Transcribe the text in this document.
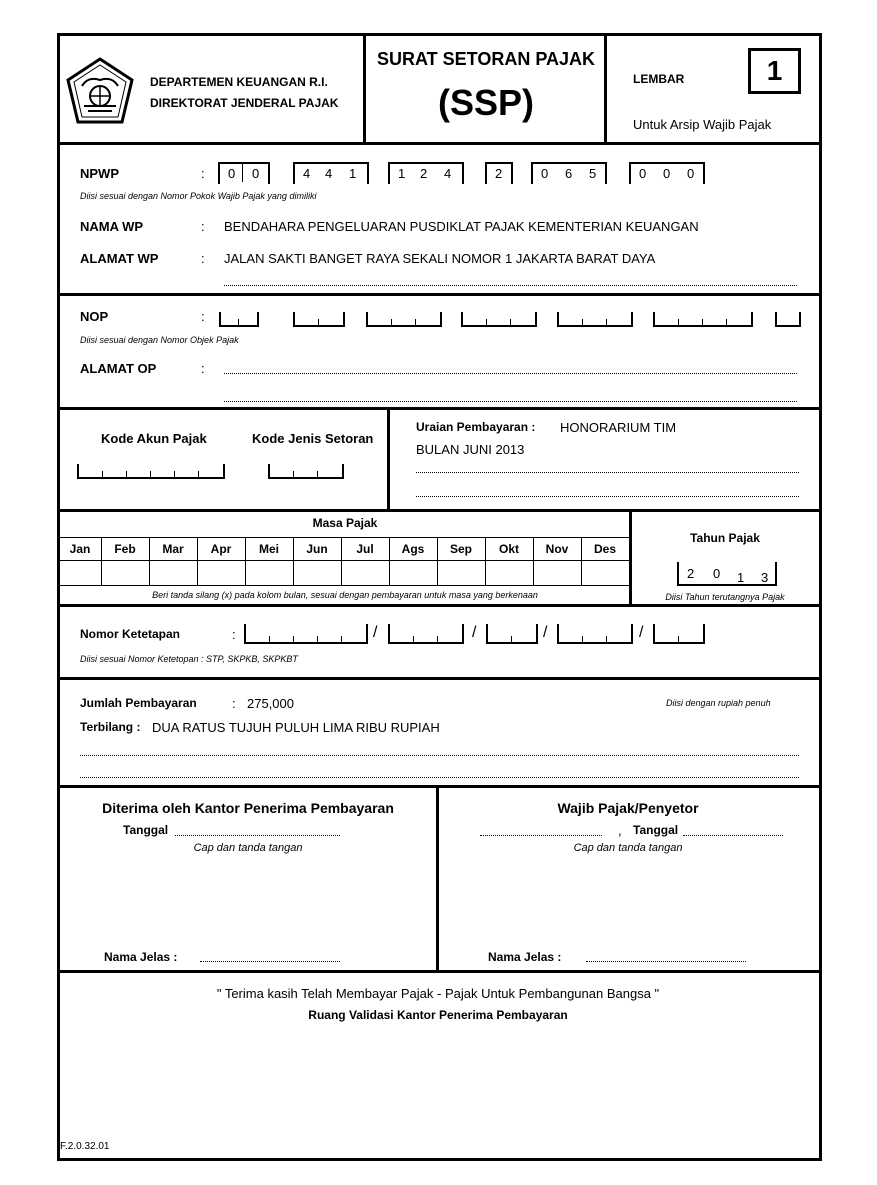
DEPARTEMEN KEUANGAN R.I.
DIREKTORAT JENDERAL PAJAK
SURAT SETORAN PAJAK
(SSP)
LEMBAR	1
Untuk Arsip Wajib Pajak
NPWP	: 0 0	4 4 1	1 2 4	2	0 6 5	0 0 0
Diisi sesuai dengan Nomor Pokok Wajib Pajak yang dimiliki
NAMA WP	: BENDAHARA PENGELUARAN PUSDIKLAT PAJAK KEMENTERIAN KEUANGAN
ALAMAT WP	: JALAN SAKTI BANGET RAYA SEKALI NOMOR 1 JAKARTA BARAT DAYA
NOP	:
Diisi sesuai dengan Nomor Objek Pajak
ALAMAT OP	:
Kode Akun Pajak	Kode Jenis Setoran
Uraian Pembayaran : HONORARIUM TIM
BULAN JUNI 2013
Masa Pajak
Jan	Feb	Mar	Apr	Mei	Jun	Jul	Ags	Sep	Okt	Nov	Des
Beri tanda silang (x) pada kolom bulan, sesuai dengan pembayaran untuk masa yang berkenaan
Tahun Pajak
2 0 1 3
Diisi Tahun terutangnya Pajak
Nomor Ketetapan	:	/	/	/	/
Diisi sesuai Nomor Ketetopan : STP, SKPKB, SKPKBT
Jumlah Pembayaran	: 275,000	Diisi dengan rupiah penuh
Terbilang : DUA RATUS TUJUH PULUH LIMA RIBU RUPIAH
Diterima oleh Kantor Penerima Pembayaran
Tanggal
Cap dan tanda tangan
Nama Jelas :
Wajib Pajak/Penyetor
, Tanggal
Cap dan tanda tangan
Nama Jelas :
" Terima kasih Telah Membayar Pajak - Pajak Untuk Pembangunan Bangsa "
Ruang Validasi Kantor Penerima Pembayaran
F.2.0.32.01
